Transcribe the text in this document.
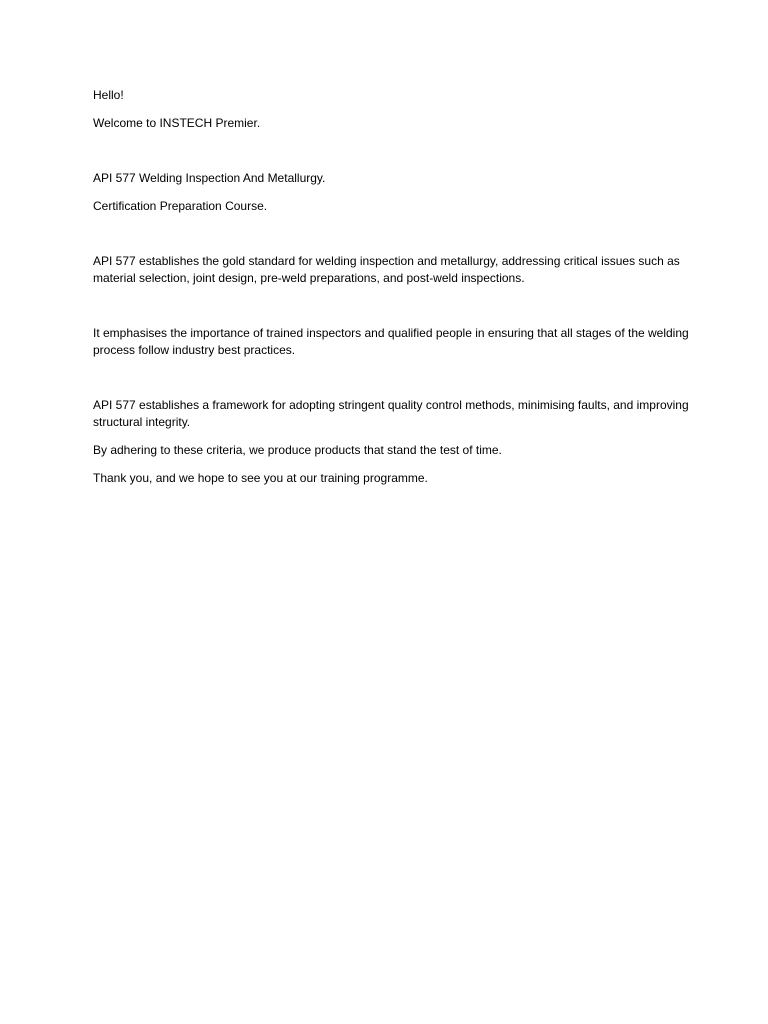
Hello!

Welcome to INSTECH Premier.

API 577 Welding Inspection And Metallurgy.

Certification Preparation Course.

API 577 establishes the gold standard for welding inspection and metallurgy, addressing critical issues such as material selection, joint design, pre-weld preparations, and post-weld inspections.

It emphasises the importance of trained inspectors and qualified people in ensuring that all stages of the welding process follow industry best practices.

API 577 establishes a framework for adopting stringent quality control methods, minimising faults, and improving structural integrity.

By adhering to these criteria, we produce products that stand the test of time.

Thank you, and we hope to see you at our training programme.
